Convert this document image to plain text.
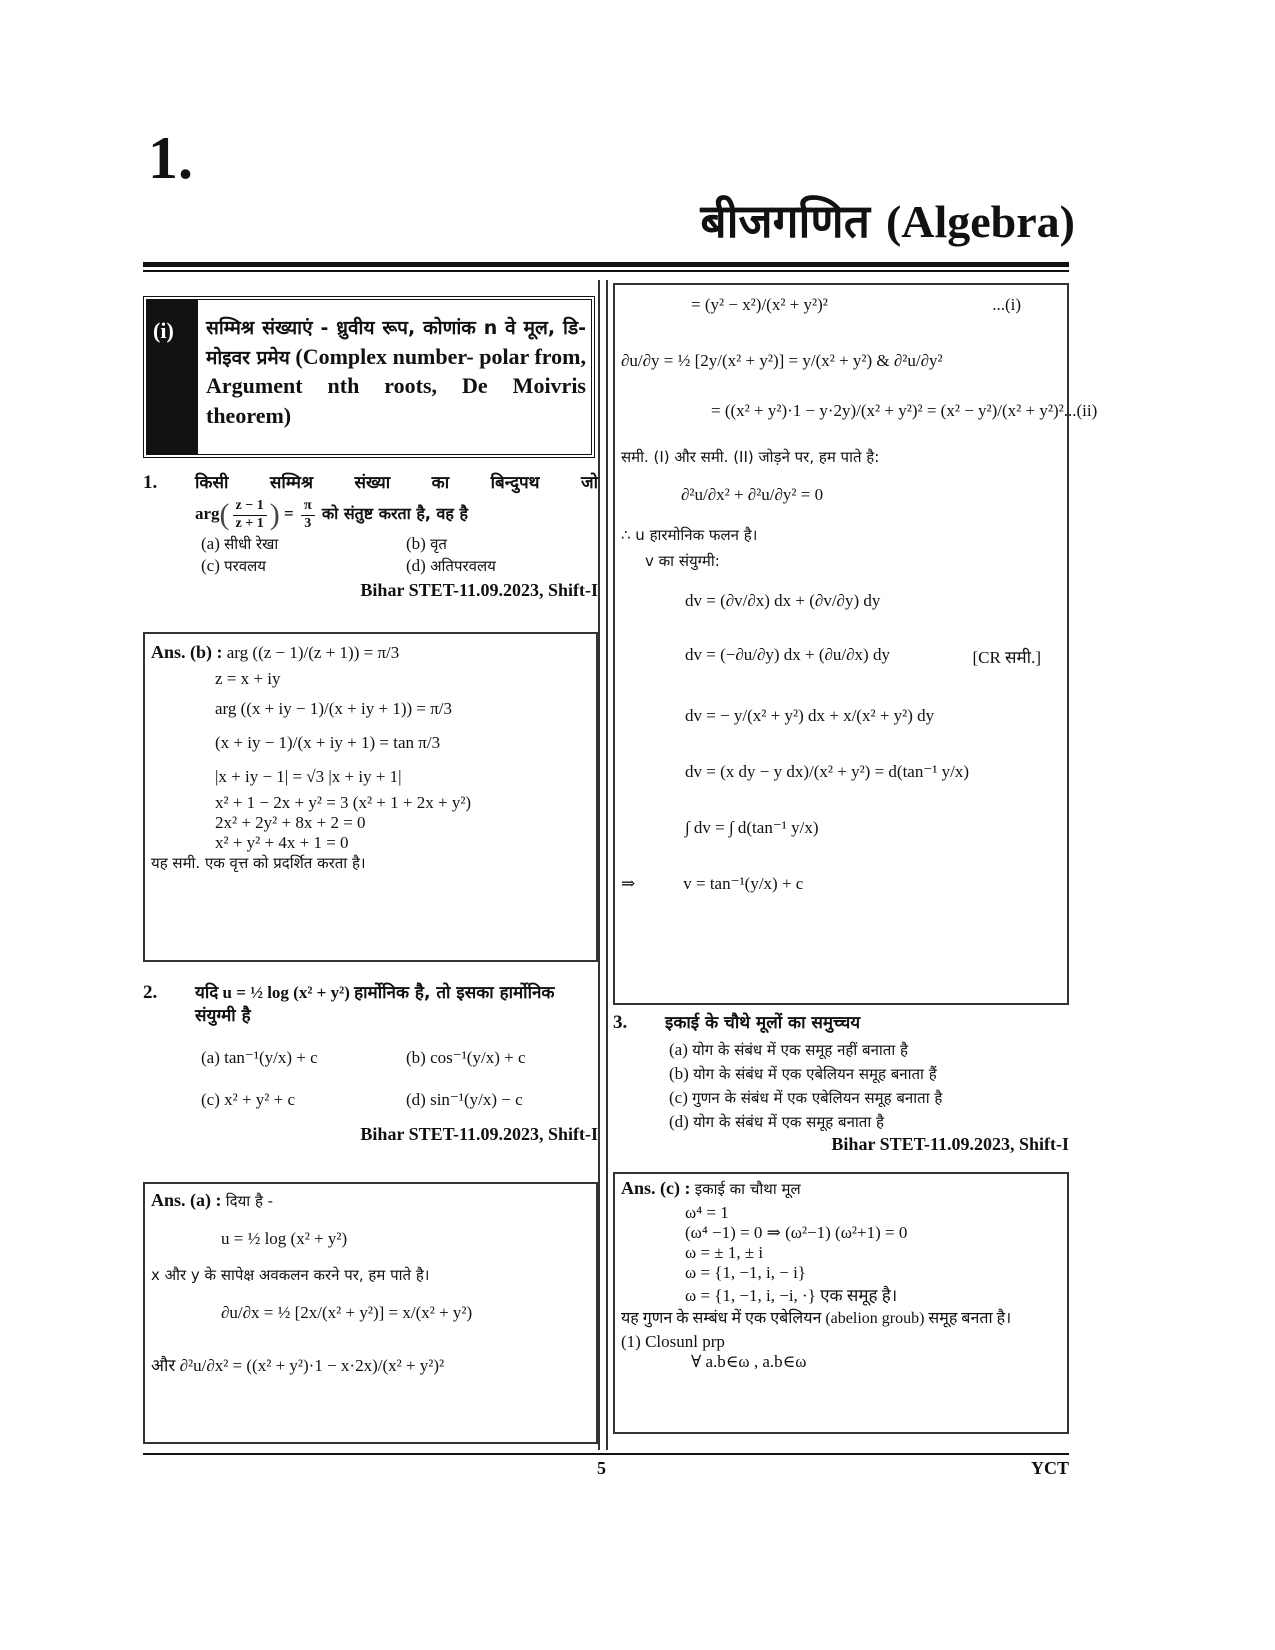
1.
बीजगणित (Algebra)
(i) सम्मिश्र संख्याएं - ध्रुवीय रूप, कोणांक n वे मूल, डि- मोइवर प्रमेय (Complex number- polar from, Argument nth roots, De Moivris theorem)
1.	किसी सम्मिश्र संख्या का बिन्दुपथ जो
$arg( \frac{z - 1}{z + 1}$ ) = $\frac{\pi}{3}$ को संतुष्ट करता है, वह है
(a) सीधी रेखा	(b) वृत
(c) परवलय	(d) अतिपरवलय
Bihar STET-11.09.2023, Shift-I
Ans. (b) : arg ((z − 1)/(z + 1)) = π/3
z = x + iy
arg ((x + iy − 1)/(x + iy + 1)) = π/3
(x + iy − 1)/(x + iy + 1) = tan π/3
|x + iy − 1| = √3 |x + iy + 1|
x² + 1 − 2x + y² = 3 (x² + 1 + 2x + y²)
2x² + 2y² + 8x + 2 = 0
x² + y² + 4x + 1 = 0
यह समी. एक वृत्त को प्रदर्शित करता है।
2.	यदि u = ½ log (x² + y²) हार्मोनिक है, तो इसका हार्मोनिक संयुग्मी है
(a) tan⁻¹(y/x) + c	(b) cos⁻¹(y/x) + c
(c) x² + y² + c	(d) sin⁻¹(y/x) − c
Bihar STET-11.09.2023, Shift-I
Ans. (a) : दिया है -
u = ½ log (x² + y²)
x और y के सापेक्ष अवकलन करने पर, हम पाते है।
∂u/∂x = ½ [2x/(x² + y²)] = x/(x² + y²)
और ∂²u/∂x² = ((x² + y²)·1 − x·2x)/(x² + y²)²
= (y² − x²)/(x² + y²)²	...(i)
∂u/∂y = ½ [2y/(x² + y²)] = y/(x² + y²) & ∂²u/∂y²
= ((x² + y²)·1 − y·2y)/(x² + y²)² = (x² − y²)/(x² + y²)² ...(ii)
समी. (I) और समी. (II) जोड़ने पर, हम पाते है:
∂²u/∂x² + ∂²u/∂y² = 0
∴ u हारमोनिक फलन है।
v का संयुग्मी:
dv = (∂v/∂x) dx + (∂v/∂y) dy
dv = (−∂u/∂y) dx + (∂u/∂x) dy	[CR समी.]
dv = − y/(x² + y²) dx + x/(x² + y²) dy
dv = (x dy − y dx)/(x² + y²) = d(tan⁻¹ y/x)
∫ dv = ∫ d(tan⁻¹ y/x)
⇒	v = tan⁻¹(y/x) + c
3.	इकाई के चौथे मूलों का समुच्चय
(a) योग के संबंध में एक समूह नहीं बनाता है
(b) योग के संबंध में एक एबेलियन समूह बनाता हैं
(c) गुणन के संबंध में एक एबेलियन समूह बनाता है
(d) योग के संबंध में एक समूह बनाता है
Bihar STET-11.09.2023, Shift-I
Ans. (c) : इकाई का चौथा मूल
ω⁴ = 1
(ω⁴ −1) = 0 ⇒ (ω²−1) (ω²+1) = 0
ω = ± 1, ± i
ω = {1, −1, i, − i}
ω = {1, −1, i, −i, ·} एक समूह है।
यह गुणन के सम्बंध में एक एबेलियन (abelion groub) समूह बनता है।
(1) Closunl prp
∀ a.b∈ω , a.b∈ω
5	YCT
